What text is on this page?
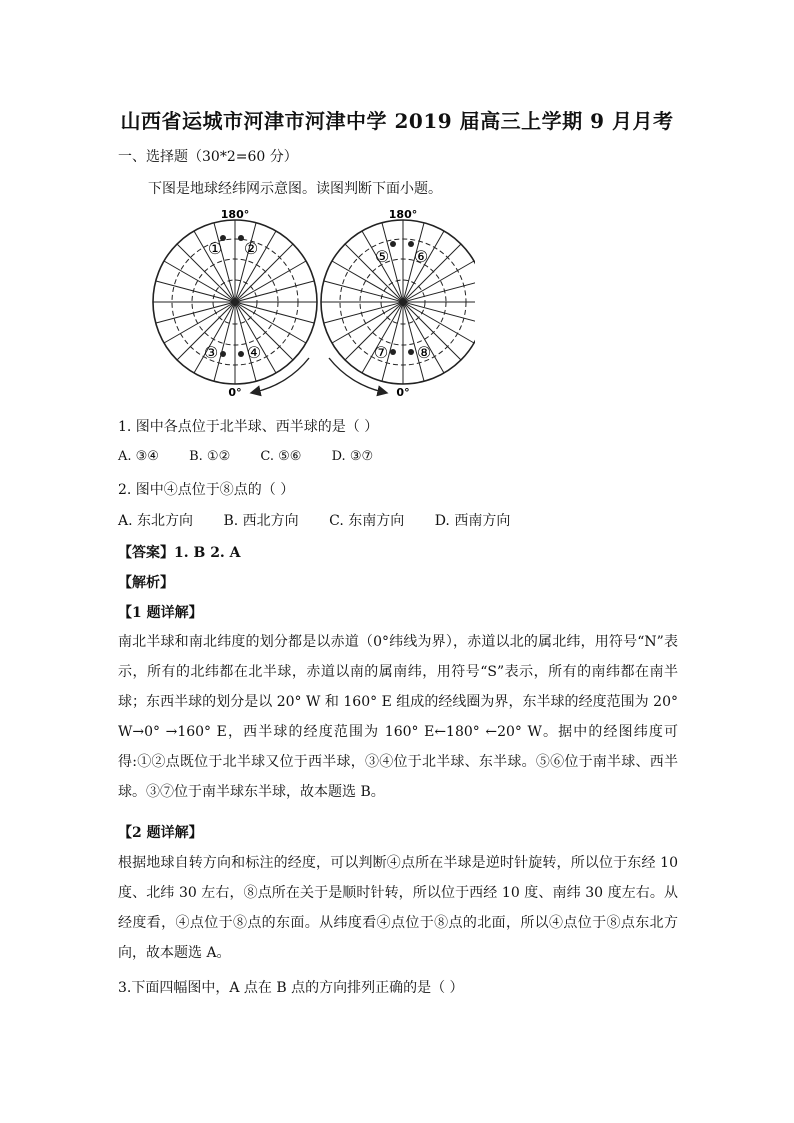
山西省运城市河津市河津中学 2019 届高三上学期 9 月月考
一、选择题（30*2=60 分）
下图是地球经纬网示意图。读图判断下面小题。
① ②
③ ④
180°
0°
⑤ ⑥
⑦ ⑧
180°
0°
1. 图中各点位于北半球、西半球的是（ ）
A. ③④ B. ①② C. ⑤⑥ D. ③⑦
2. 图中④点位于⑧点的（ ）
A. 东北方向 B. 西北方向 C. 东南方向 D. 西南方向
【答案】1. B 2. A
【解析】
【1 题详解】
南北半球和南北纬度的划分都是以赤道（0°纬线为界），赤道以北的属北纬，用符号“N”表示，所有的北纬都在北半球，赤道以南的属南纬，用符号“S”表示，所有的南纬都在南半球；东西半球的划分是以 20° W 和 160° E 组成的经线圈为界，东半球的经度范围为 20° W→0° →160° E，西半球的经度范围为 160° E←180° ←20° W。据中的经图纬度可得:①②点既位于北半球又位于西半球，③④位于北半球、东半球。⑤⑥位于南半球、西半球。③⑦位于南半球东半球，故本题选 B。
【2 题详解】
根据地球自转方向和标注的经度，可以判断④点所在半球是逆时针旋转，所以位于东经 10 度、北纬 30 左右，⑧点所在关于是顺时针转，所以位于西经 10 度、南纬 30 度左右。从经度看，④点位于⑧点的东面。从纬度看④点位于⑧点的北面，所以④点位于⑧点东北方向，故本题选 A。
3.下面四幅图中，A 点在 B 点的方向排列正确的是（ ）
